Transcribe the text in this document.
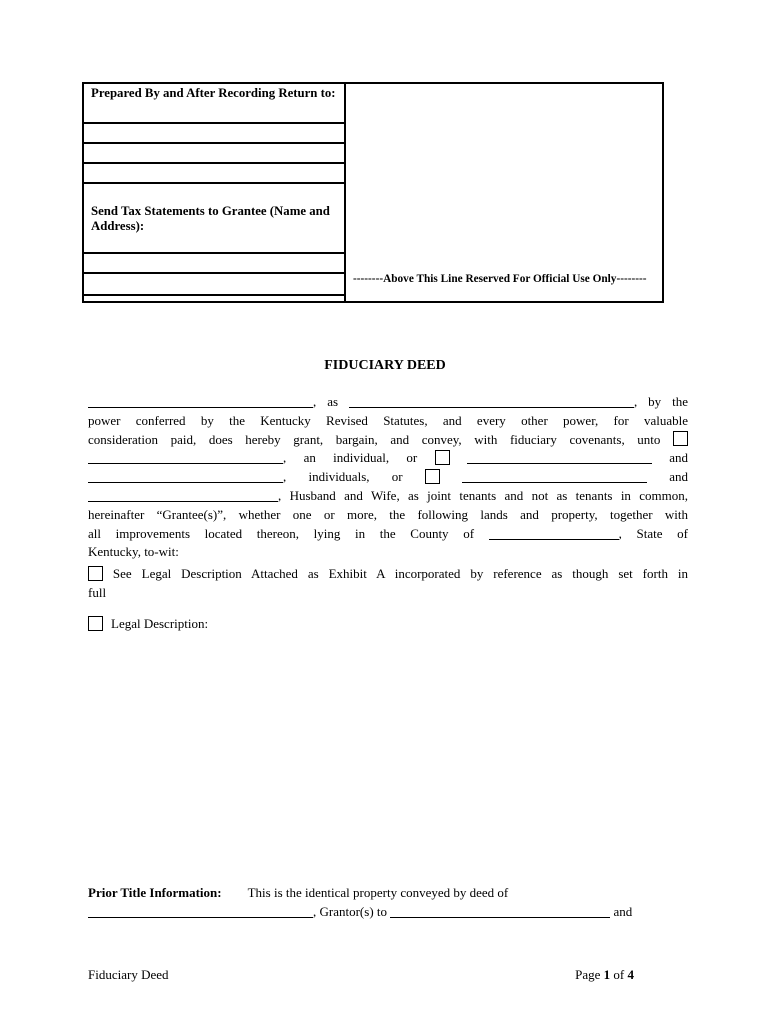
Prepared By and After Recording Return to:
Send Tax Statements to Grantee (Name and Address):
--------Above This Line Reserved For Official Use Only--------
FIDUCIARY DEED
, as	, by the
power conferred by the Kentucky Revised Statutes, and every other power, for valuable
consideration paid, does hereby grant, bargain, and convey, with fiduciary covenants, unto
, an individual, or	and
, individuals, or	and
, Husband and Wife, as joint tenants and not as tenants in common,
hereinafter “Grantee(s)”, whether one or more, the following lands and property, together with
all improvements located thereon, lying in the County of	, State of
Kentucky, to-wit:
See Legal Description Attached as Exhibit A incorporated by reference as though set forth in
full
Legal Description:
Prior Title Information: This is the identical property conveyed by deed of
, Grantor(s) to	and
Fiduciary Deed	Page 1 of 4
